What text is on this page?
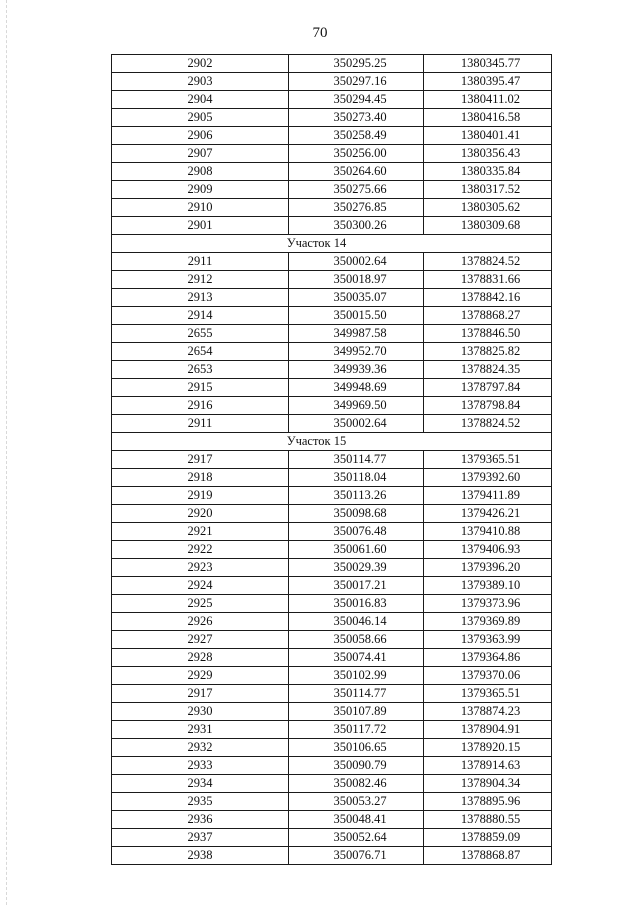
70
2902	350295.25	1380345.77
2903	350297.16	1380395.47
2904	350294.45	1380411.02
2905	350273.40	1380416.58
2906	350258.49	1380401.41
2907	350256.00	1380356.43
2908	350264.60	1380335.84
2909	350275.66	1380317.52
2910	350276.85	1380305.62
2901	350300.26	1380309.68
Участок 14		
2911	350002.64	1378824.52
2912	350018.97	1378831.66
2913	350035.07	1378842.16
2914	350015.50	1378868.27
2655	349987.58	1378846.50
2654	349952.70	1378825.82
2653	349939.36	1378824.35
2915	349948.69	1378797.84
2916	349969.50	1378798.84
2911	350002.64	1378824.52
Участок 15		
2917	350114.77	1379365.51
2918	350118.04	1379392.60
2919	350113.26	1379411.89
2920	350098.68	1379426.21
2921	350076.48	1379410.88
2922	350061.60	1379406.93
2923	350029.39	1379396.20
2924	350017.21	1379389.10
2925	350016.83	1379373.96
2926	350046.14	1379369.89
2927	350058.66	1379363.99
2928	350074.41	1379364.86
2929	350102.99	1379370.06
2917	350114.77	1379365.51
2930	350107.89	1378874.23
2931	350117.72	1378904.91
2932	350106.65	1378920.15
2933	350090.79	1378914.63
2934	350082.46	1378904.34
2935	350053.27	1378895.96
2936	350048.41	1378880.55
2937	350052.64	1378859.09
2938	350076.71	1378868.87
